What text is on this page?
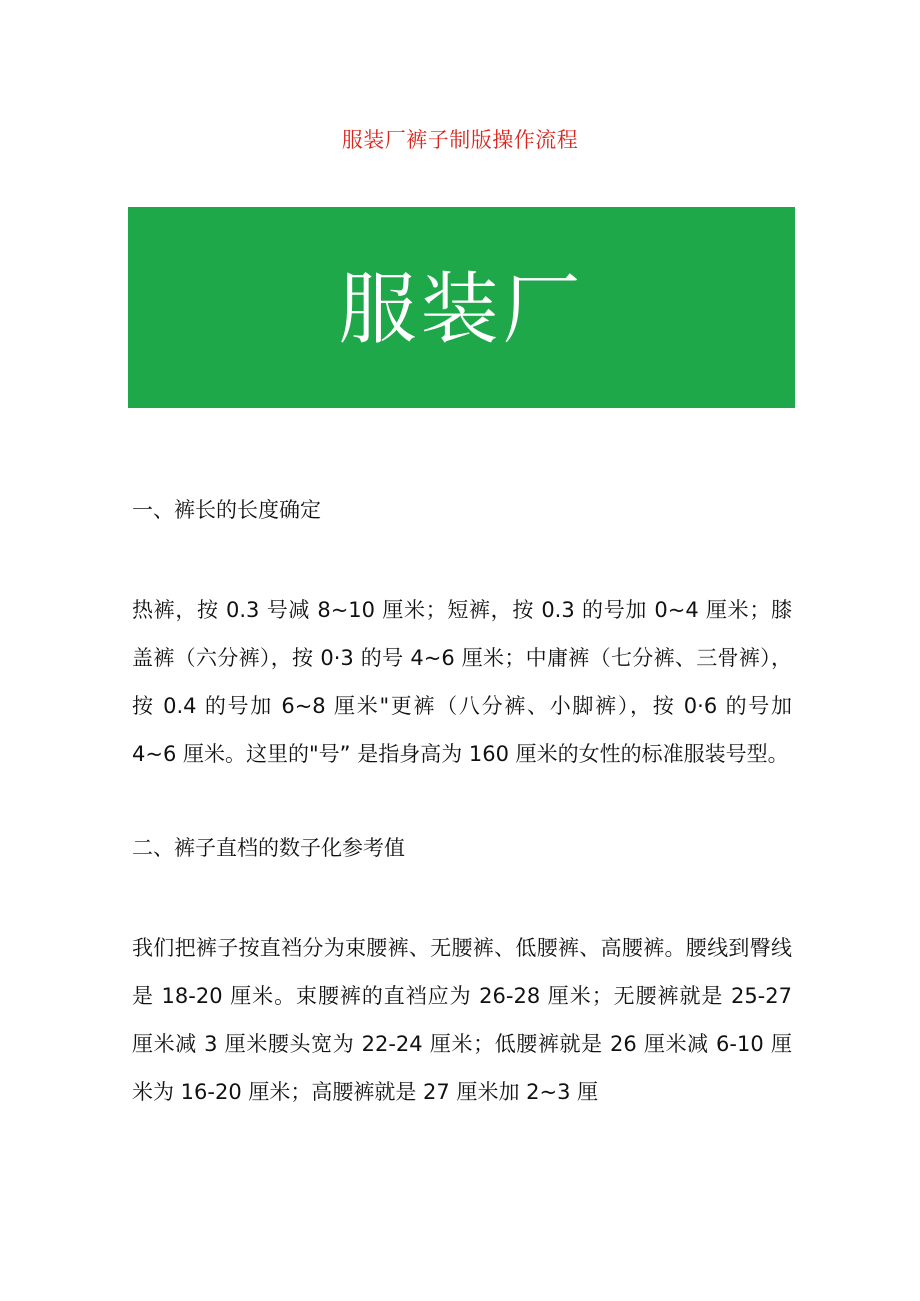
服装厂裤子制版操作流程
服装厂

一、裤长的长度确定

热裤，按 0.3 号减 8~10 厘米；短裤，按 0.3 的号加 0~4 厘米；膝盖裤（六分裤），按 0·3 的号 4~6 厘米；中庸裤（七分裤、三骨裤），按 0.4 的号加 6~8 厘米"更裤（八分裤、小脚裤），按 0·6 的号加 4~6 厘米。这里的"号” 是指身高为 160 厘米的女性的标准服装号型。

二、裤子直档的数子化参考值

我们把裤子按直裆分为束腰裤、无腰裤、低腰裤、高腰裤。腰线到臀线是 18-20 厘米。束腰裤的直裆应为 26-28 厘米；无腰裤就是 25-27 厘米减 3 厘米腰头宽为 22-24 厘米；低腰裤就是 26 厘米减 6-10 厘米为 16-20 厘米；高腰裤就是 27 厘米加 2~3 厘
